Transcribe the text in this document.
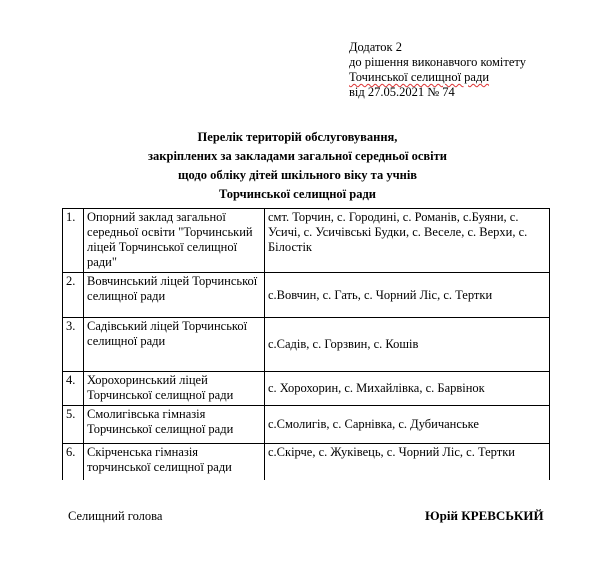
Додаток 2
до рішення виконавчого комітету
Точинської селищної ради
від 27.05.2021 № 74
Перелік територій обслуговування,
закріплених за закладами загальної середньої освіти
щодо обліку дітей шкільного віку та учнів
Торчинської селищної ради
1.	Опорний заклад загальної середньої освіти "Торчинський ліцей Торчинської селищної ради"	смт. Торчин, с. Городині, с. Романів, с.Буяни, с. Усичі, с. Усичівські Будки, с. Веселе, с. Верхи, с. Білостік
2.	Вовчинський ліцей Торчинської селищної ради	с.Вовчин, с. Гать, с. Чорний Ліс, с. Тертки
3.	Садівський ліцей Торчинської селищної ради	с.Садів, с. Горзвин, с. Кошів
4.	Хорохоринський ліцей Торчинської селищної ради	с. Хорохорин, с. Михайлівка, с. Барвінок
5.	Смолигівська гімназія Торчинської селищної ради	с.Смолигів, с. Сарнівка, с. Дубичанське
6.	Скірченська гімназія торчинської селищної ради	с.Скірче, с. Жуківець, с. Чорний Ліс, с. Тертки
Селищний голова	Юрій КРЕВСЬКИЙ
